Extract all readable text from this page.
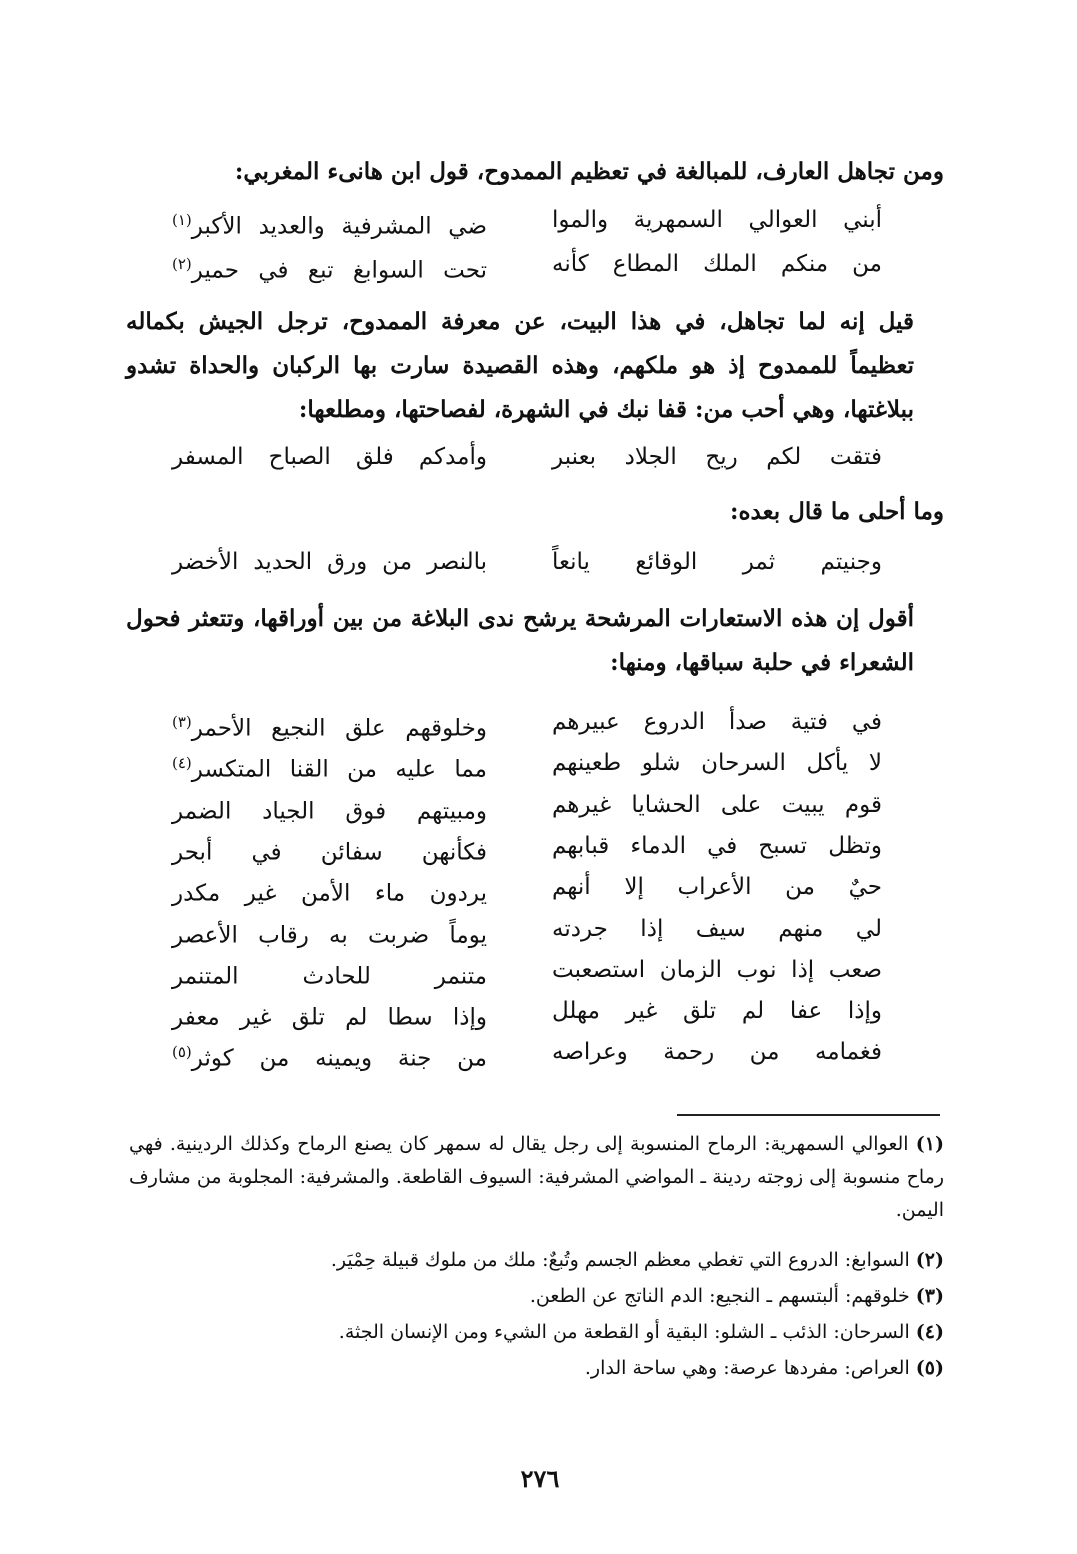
ومن تجاهل العارف، للمبالغة في تعظيم الممدوح، قول ابن هانىء المغربي:
أبني العوالي السمهرية والموا
ضي المشرفية والعديد الأكبر$^{(١)}$
من منكم الملك المطاع كأنه
تحت السوابغ تبع في حمير$^{(٢)}$
قيل إنه لما تجاهل، في هذا البيت، عن معرفة الممدوح، ترجل الجيش بكماله تعظيماً للممدوح إذ هو ملكهم، وهذه القصيدة سارت بها الركبان والحداة تشدو ببلاغتها، وهي أحب من: قفا نبك في الشهرة، لفصاحتها، ومطلعها:
فتقت لكم ريح الجلاد بعنبر
وأمدكم فلق الصباح المسفر
وما أحلى ما قال بعده:
وجنيتم ثمر الوقائع يانعاً
بالنصر من ورق الحديد الأخضر
أقول إن هذه الاستعارات المرشحة يرشح ندى البلاغة من بين أوراقها، وتتعثر فحول الشعراء في حلبة سباقها، ومنها:
في فتية صدأ الدروع عبيرهم
وخلوقهم علق النجيع الأحمر$^{(٣)}$
لا يأكل السرحان شلو طعينهم
مما عليه من القنا المتكسر$^{(٤)}$
قوم يبيت على الحشايا غيرهم
ومبيتهم فوق الجياد الضمر
وتظل تسبح في الدماء قبابهم
فكأنهن سفائن في أبحر
حيٌ من الأعراب إلا أنهم
يردون ماء الأمن غير مكدر
لي منهم سيف إذا جردته
يوماً ضربت به رقاب الأعصر
صعب إذا نوب الزمان استصعبت
متنمر للحادث المتنمر
وإذا عفا لم تلق غير مهلل
وإذا سطا لم تلق غير معفر
فغمامه من رحمة وعراصه
من جنة ويمينه من كوثر$^{(٥)}$
(١) العوالي السمهرية: الرماح المنسوبة إلى رجل يقال له سمهر كان يصنع الرماح وكذلك الردينية. فهي رماح منسوبة إلى زوجته ردينة ـ المواضي المشرفية: السيوف القاطعة. والمشرفية: المجلوبة من مشارف اليمن.
(٢) السوابغ: الدروع التي تغطي معظم الجسم وتُبعٌ: ملك من ملوك قبيلة حِمْيَر.
(٣) خلوقهم: ألبتسهم ـ النجيع: الدم الناتج عن الطعن.
(٤) السرحان: الذئب ـ الشلو: البقية أو القطعة من الشيء ومن الإنسان الجثة.
(٥) العراص: مفردها عرصة: وهي ساحة الدار.
٢٧٦
